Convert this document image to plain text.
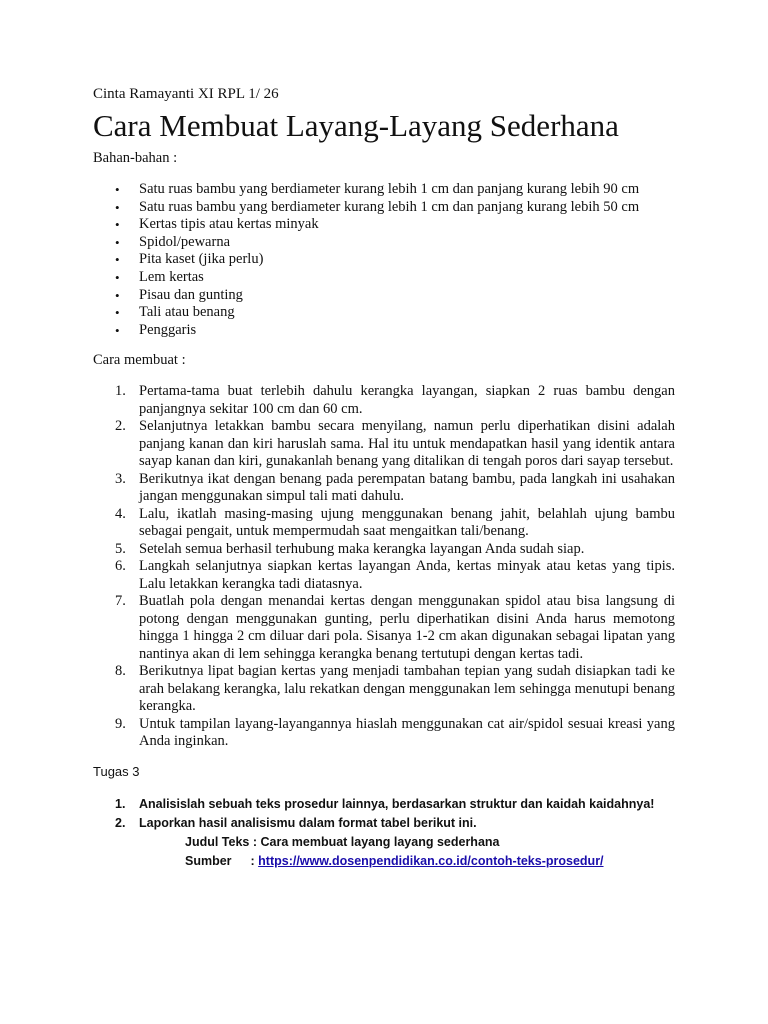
Cinta Ramayanti XI RPL 1/ 26
Cara Membuat Layang-Layang Sederhana
Bahan-bahan :
• Satu ruas bambu yang berdiameter kurang lebih 1 cm dan panjang kurang lebih 90 cm
• Satu ruas bambu yang berdiameter kurang lebih 1 cm dan panjang kurang lebih 50 cm
• Kertas tipis atau kertas minyak
• Spidol/pewarna
• Pita kaset (jika perlu)
• Lem kertas
• Pisau dan gunting
• Tali atau benang
• Penggaris
Cara membuat :
1. Pertama-tama buat terlebih dahulu kerangka layangan, siapkan 2 ruas bambu dengan panjangnya sekitar 100 cm dan 60 cm.
2. Selanjutnya letakkan bambu secara menyilang, namun perlu diperhatikan disini adalah panjang kanan dan kiri haruslah sama. Hal itu untuk mendapatkan hasil yang identik antara sayap kanan dan kiri, gunakanlah benang yang ditalikan di tengah poros dari sayap tersebut.
3. Berikutnya ikat dengan benang pada perempatan batang bambu, pada langkah ini usahakan jangan menggunakan simpul tali mati dahulu.
4. Lalu, ikatlah masing-masing ujung menggunakan benang jahit, belahlah ujung bambu sebagai pengait, untuk mempermudah saat mengaitkan tali/benang.
5. Setelah semua berhasil terhubung maka kerangka layangan Anda sudah siap.
6. Langkah selanjutnya siapkan kertas layangan Anda, kertas minyak atau ketas yang tipis. Lalu letakkan kerangka tadi diatasnya.
7. Buatlah pola dengan menandai kertas dengan menggunakan spidol atau bisa langsung di potong dengan menggunakan gunting, perlu diperhatikan disini Anda harus memotong hingga 1 hingga 2 cm diluar dari pola. Sisanya 1-2 cm akan digunakan sebagai lipatan yang nantinya akan di lem sehingga kerangka benang tertutupi dengan kertas tadi.
8. Berikutnya lipat bagian kertas yang menjadi tambahan tepian yang sudah disiapkan tadi ke arah belakang kerangka, lalu rekatkan dengan menggunakan lem sehingga menutupi benang kerangka.
9. Untuk tampilan layang-layangannya hiaslah menggunakan cat air/spidol sesuai kreasi yang Anda inginkan.
Tugas 3
1. Analisislah sebuah teks prosedur lainnya, berdasarkan struktur dan kaidah kaidahnya!
2. Laporkan hasil analisismu dalam format tabel berikut ini.
Judul Teks : Cara membuat layang layang sederhana
Sumber : https://www.dosenpendidikan.co.id/contoh-teks-prosedur/
